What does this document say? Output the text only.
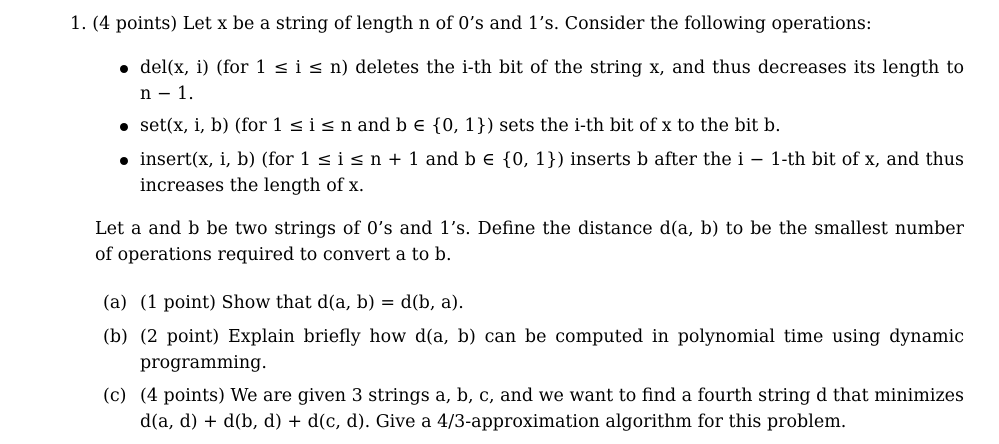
1. (4 points) Let x be a string of length n of 0’s and 1’s. Consider the following operations:
del(x, i) (for 1 ≤ i ≤ n) deletes the i-th bit of the string x, and thus decreases its length to
n − 1.
set(x, i, b) (for 1 ≤ i ≤ n and b ∈ {0, 1}) sets the i-th bit of x to the bit b.
insert(x, i, b) (for 1 ≤ i ≤ n + 1 and b ∈ {0, 1}) inserts b after the i − 1-th bit of x, and thus
increases the length of x.
Let a and b be two strings of 0’s and 1’s. Define the distance d(a, b) to be the smallest number
of operations required to convert a to b.
(a) (1 point) Show that d(a, b) = d(b, a).
(b) (2 point) Explain briefly how d(a, b) can be computed in polynomial time using dynamic
programming.
(c) (4 points) We are given 3 strings a, b, c, and we want to find a fourth string d that minimizes
d(a, d) + d(b, d) + d(c, d). Give a 4/3-approximation algorithm for this problem.
